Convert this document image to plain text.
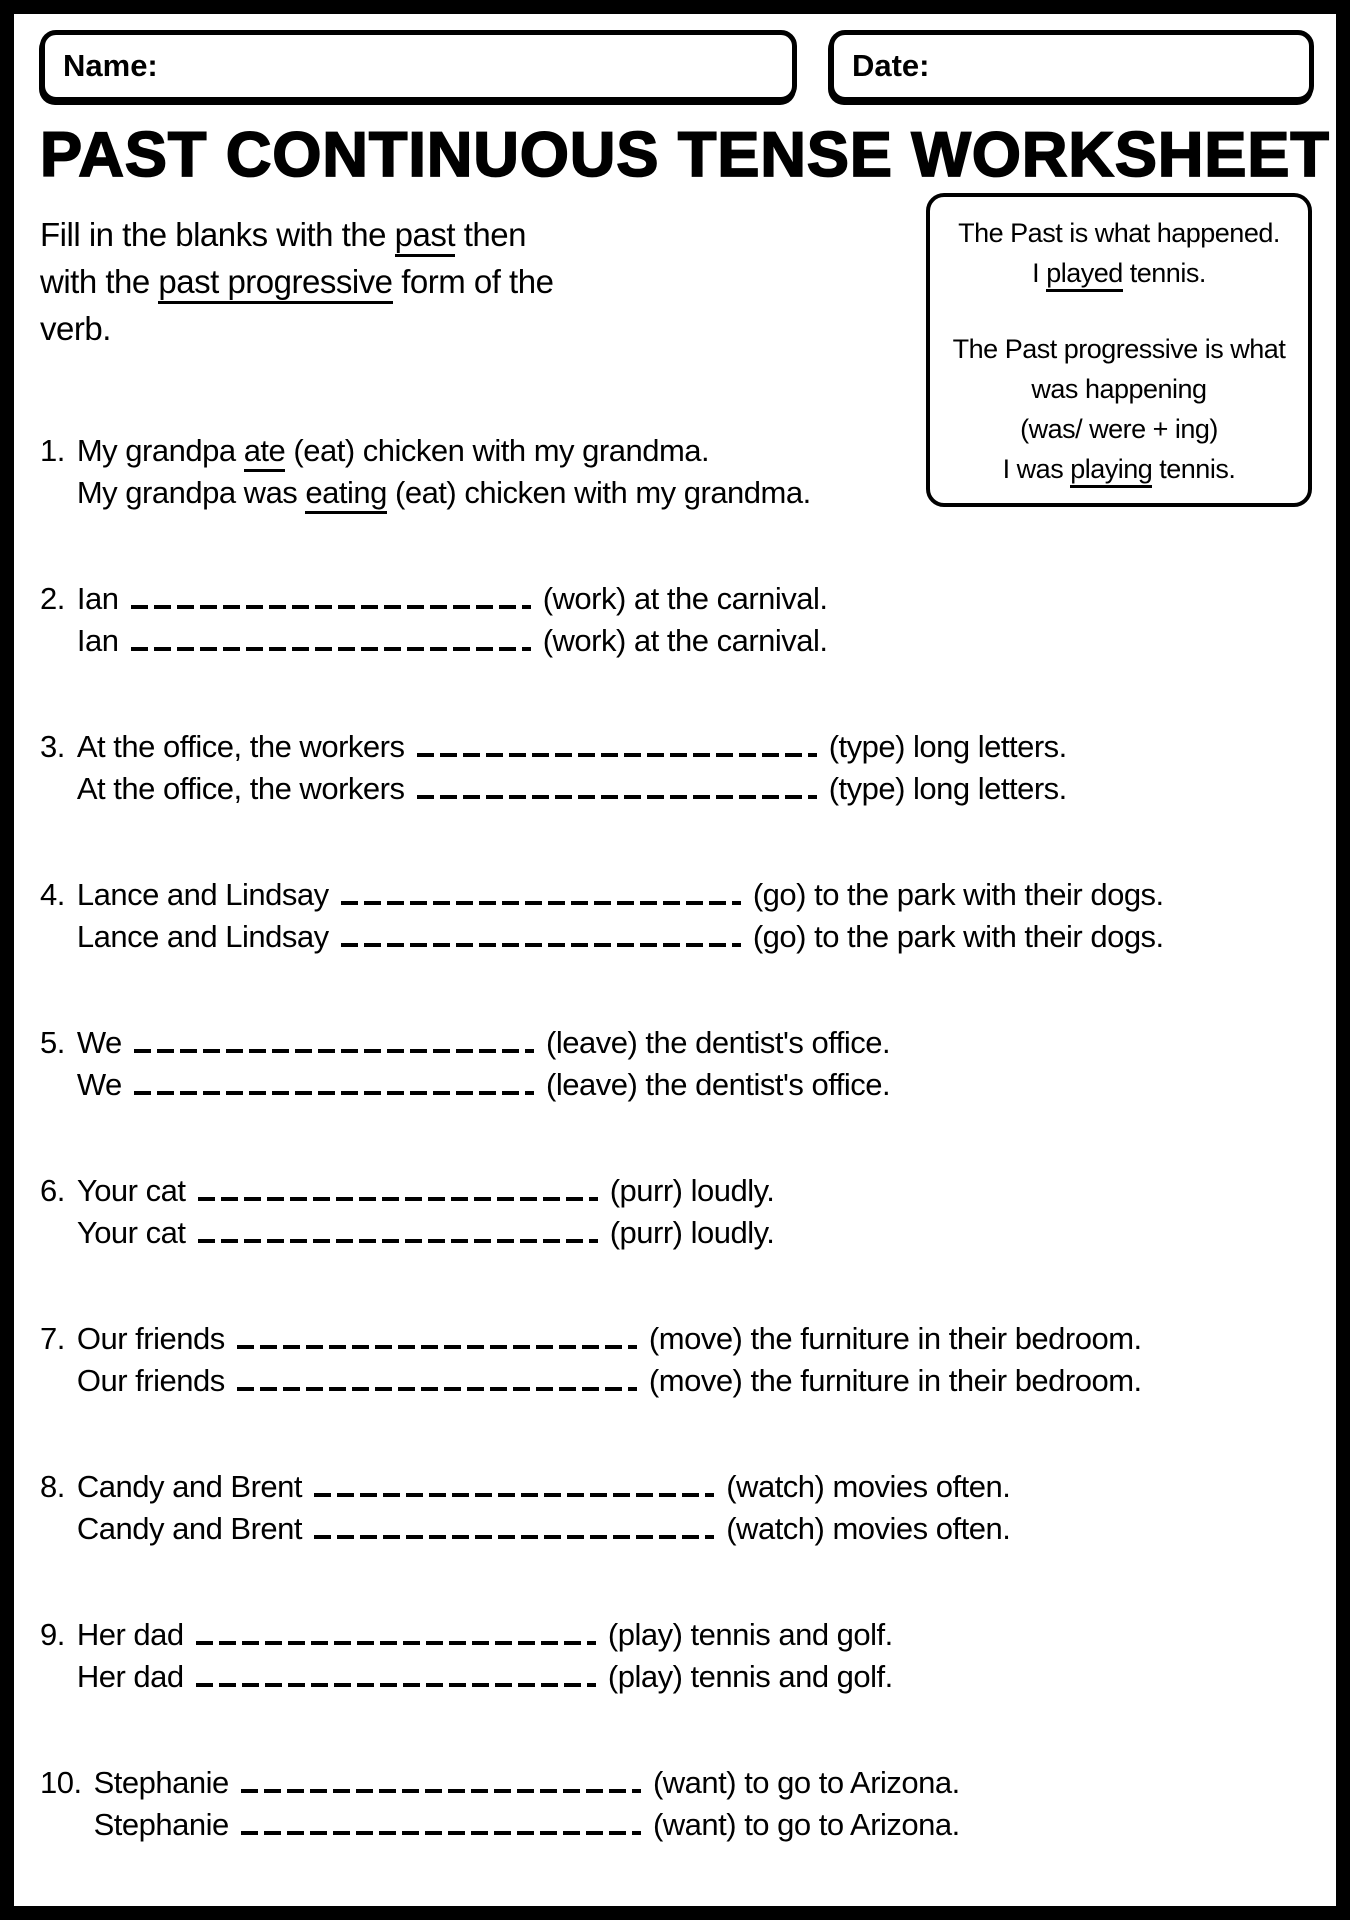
Name:	Date:
PAST CONTINUOUS TENSE WORKSHEET
Fill in the blanks with the past then
with the past progressive form of the
verb.
The Past is what happened.
I played tennis.
The Past progressive is what
was happening
(was/ were + ing)
I was playing tennis.
1. My grandpa ate (eat) chicken with my grandma.
My grandpa was eating (eat) chicken with my grandma.
2. Ian	(work) at the carnival.
Ian	(work) at the carnival.
3. At the office, the workers	(type) long letters.
At the office, the workers	(type) long letters.
4. Lance and Lindsay	(go) to the park with their dogs.
Lance and Lindsay	(go) to the park with their dogs.
5. We	(leave) the dentist's office.
We	(leave) the dentist's office.
6. Your cat	(purr) loudly.
Your cat	(purr) loudly.
7. Our friends	(move) the furniture in their bedroom.
Our friends	(move) the furniture in their bedroom.
8. Candy and Brent	(watch) movies often.
Candy and Brent	(watch) movies often.
9. Her dad	(play) tennis and golf.
Her dad	(play) tennis and golf.
10. Stephanie	(want) to go to Arizona.
Stephanie	(want) to go to Arizona.
